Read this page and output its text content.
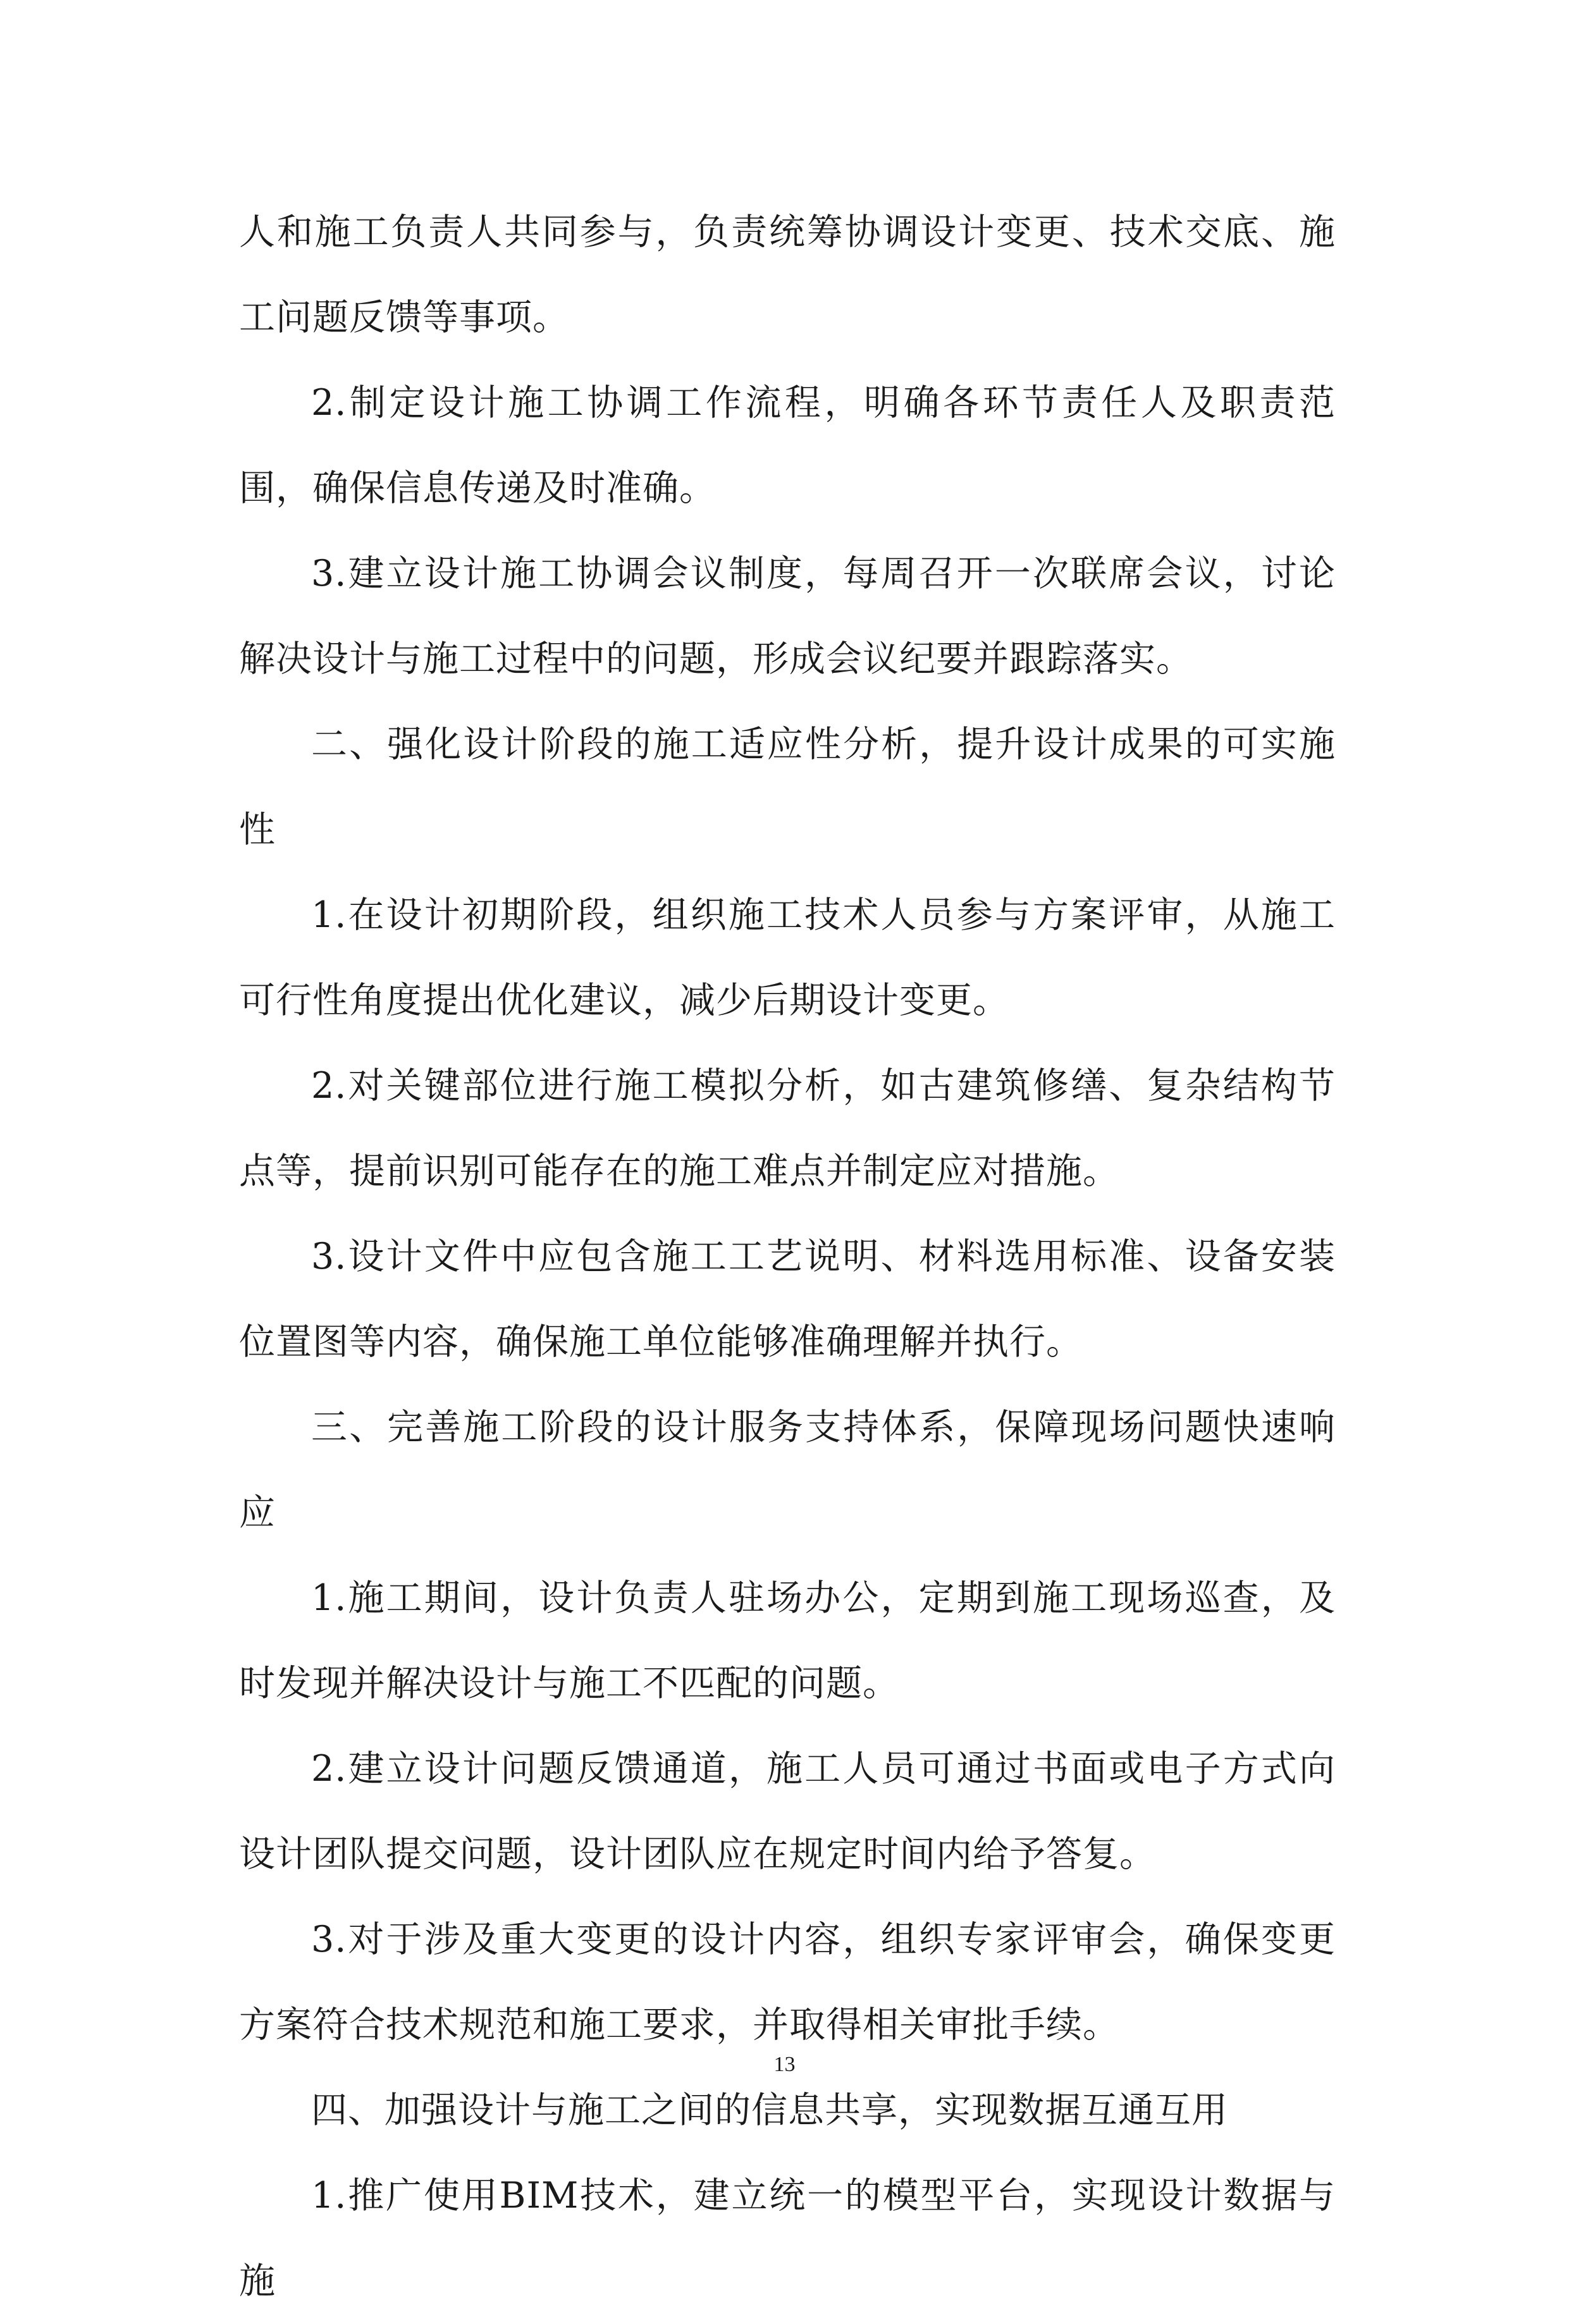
人和施工负责人共同参与，负责统筹协调设计变更、技术交底、施工问题反馈等事项。

2.制定设计施工协调工作流程，明确各环节责任人及职责范围，确保信息传递及时准确。

3.建立设计施工协调会议制度，每周召开一次联席会议，讨论解决设计与施工过程中的问题，形成会议纪要并跟踪落实。

二、强化设计阶段的施工适应性分析，提升设计成果的可实施性

1.在设计初期阶段，组织施工技术人员参与方案评审，从施工可行性角度提出优化建议，减少后期设计变更。

2.对关键部位进行施工模拟分析，如古建筑修缮、复杂结构节点等，提前识别可能存在的施工难点并制定应对措施。

3.设计文件中应包含施工工艺说明、材料选用标准、设备安装位置图等内容，确保施工单位能够准确理解并执行。

三、完善施工阶段的设计服务支持体系，保障现场问题快速响应

1.施工期间，设计负责人驻场办公，定期到施工现场巡查，及时发现并解决设计与施工不匹配的问题。

2.建立设计问题反馈通道，施工人员可通过书面或电子方式向设计团队提交问题，设计团队应在规定时间内给予答复。

3.对于涉及重大变更的设计内容，组织专家评审会，确保变更方案符合技术规范和施工要求，并取得相关审批手续。

四、加强设计与施工之间的信息共享，实现数据互通互用

1.推广使用BIM技术，建立统一的模型平台，实现设计数据与施

13
